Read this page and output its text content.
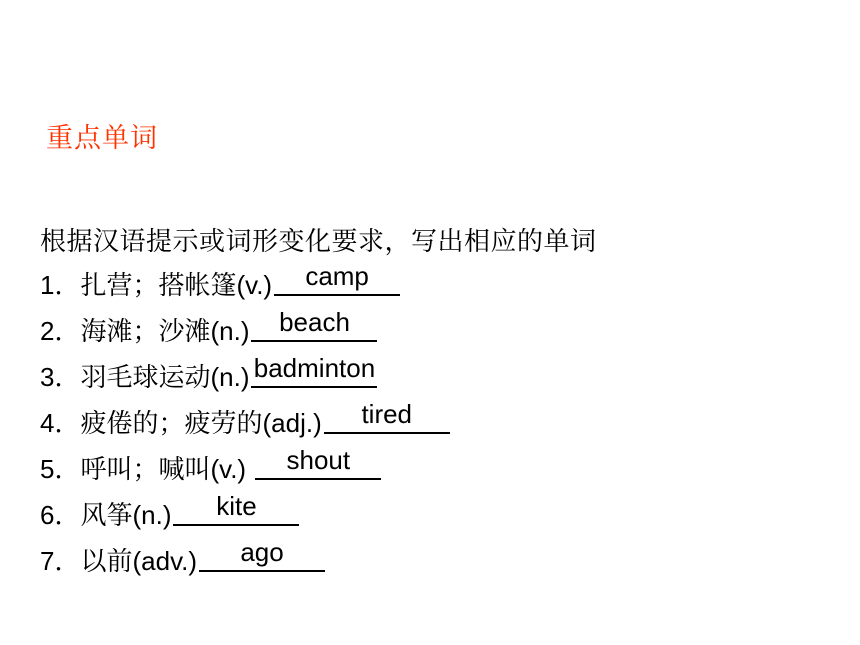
重点单词
根据汉语提示或词形变化要求，写出相应的单词
1．扎营；搭帐篷(v.)	camp
2．海滩；沙滩(n.)	beach
3．羽毛球运动(n.) badminton
4．疲倦的；疲劳的(adj.)	tired
5．呼叫；喊叫(v.)	shout
6．风筝(n.)	kite
7．以前(adv.)	ago
